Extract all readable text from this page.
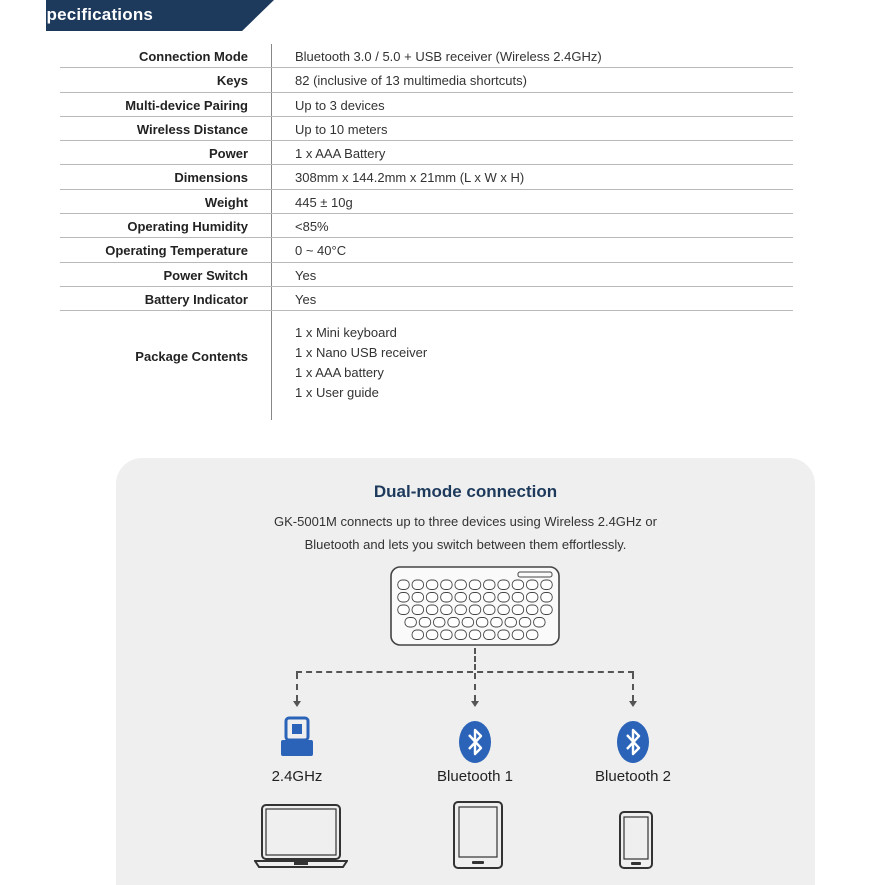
Specifications
Connection Mode	Bluetooth 3.0 / 5.0 + USB receiver (Wireless 2.4GHz)
Keys	82 (inclusive of 13 multimedia shortcuts)
Multi-device Pairing	Up to 3 devices
Wireless Distance	Up to 10 meters
Power	1 x AAA Battery
Dimensions	308mm x 144.2mm x 21mm (L x W x H)
Weight	445 ± 10g
Operating Humidity	<85%
Operating Temperature	0 ~ 40°C
Power Switch	Yes
Battery Indicator	Yes
Package Contents
1 x Mini keyboard
1 x Nano USB receiver
1 x AAA battery
1 x User guide
Dual-mode connection
GK-5001M connects up to three devices using Wireless 2.4GHz or
Bluetooth and lets you switch between them effortlessly.
2.4GHz	Bluetooth 1	Bluetooth 2
